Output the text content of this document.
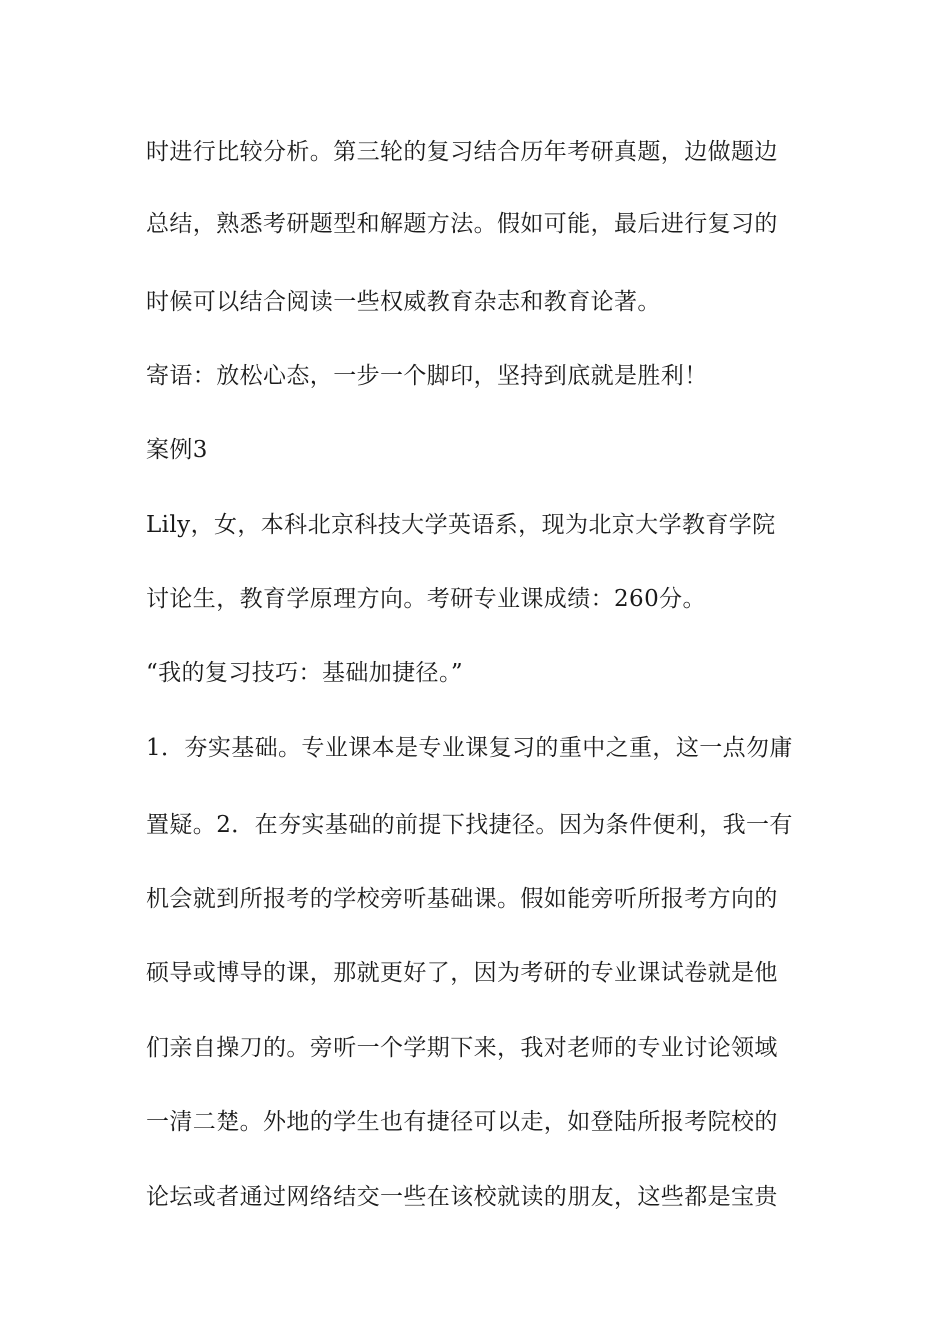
时进行比较分析。第三轮的复习结合历年考研真题，边做题边
总结，熟悉考研题型和解题方法。假如可能，最后进行复习的
时候可以结合阅读一些权威教育杂志和教育论著。
寄语：放松心态，一步一个脚印，坚持到底就是胜利！
案例3
Lily，女，本科北京科技大学英语系，现为北京大学教育学院
讨论生，教育学原理方向。考研专业课成绩：260分。
“我的复习技巧：基础加捷径。”
1．夯实基础。专业课本是专业课复习的重中之重，这一点勿庸
置疑。2．在夯实基础的前提下找捷径。因为条件便利，我一有
机会就到所报考的学校旁听基础课。假如能旁听所报考方向的
硕导或博导的课，那就更好了，因为考研的专业课试卷就是他
们亲自操刀的。旁听一个学期下来，我对老师的专业讨论领域
一清二楚。外地的学生也有捷径可以走，如登陆所报考院校的
论坛或者通过网络结交一些在该校就读的朋友，这些都是宝贵
